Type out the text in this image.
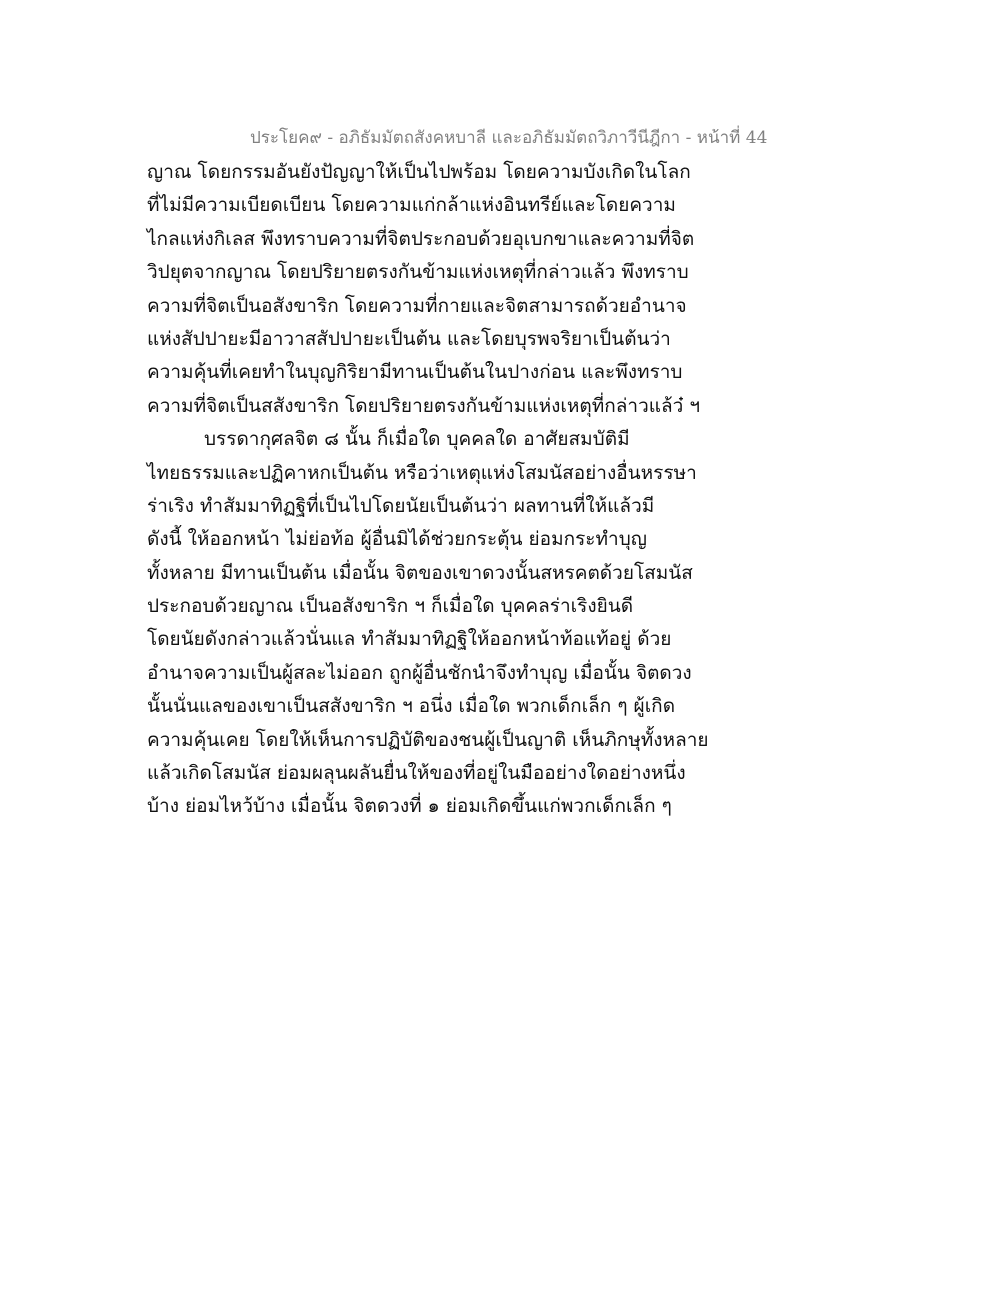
ประโยค๙ - อภิธัมมัตถสังคหบาลี และอภิธัมมัตถวิภาวีนีฎีกา - หน้าที่ 44
ญาณ โดยกรรมอันยังปัญญาให้เป็นไปพร้อม โดยความบังเกิดในโลก
ที่ไม่มีความเบียดเบียน โดยความแก่กล้าแห่งอินทรีย์และโดยความ
ไกลแห่งกิเลส พึงทราบความที่จิตประกอบด้วยอุเบกขาและความที่จิต
วิปยุตจากญาณ โดยปริยายตรงกันข้ามแห่งเหตุที่กล่าวแล้ว พึงทราบ
ความที่จิตเป็นอสังขาริก โดยความที่กายและจิตสามารถด้วยอำนาจ
แห่งสัปปายะมีอาวาสสัปปายะเป็นต้น และโดยบุรพจริยาเป็นต้นว่า
ความคุ้นที่เคยทำในบุญกิริยามีทานเป็นต้นในปางก่อน และพึงทราบ
ความที่จิตเป็นสสังขาริก โดยปริยายตรงกันข้ามแห่งเหตุที่กล่าวแล้ว๋ ฯ
บรรดากุศลจิต ๘ นั้น ก็เมื่อใด บุคคลใด อาศัยสมบัติมี
ไทยธรรมและปฏิคาหกเป็นต้น หรือว่าเหตุแห่งโสมนัสอย่างอื่นหรรษา
ร่าเริง ทำสัมมาทิฏฐิที่เป็นไปโดยนัยเป็นต้นว่า ผลทานที่ให้แล้วมี
ดังนี้ ให้ออกหน้า ไม่ย่อท้อ ผู้อื่นมิได้ช่วยกระตุ้น ย่อมกระทำบุญ
ทั้งหลาย มีทานเป็นต้น เมื่อนั้น จิตของเขาดวงนั้นสหรคตด้วยโสมนัส
ประกอบด้วยญาณ เป็นอสังขาริก ฯ ก็เมื่อใด บุคคลร่าเริงยินดี
โดยนัยดังกล่าวแล้วนั่นแล ทำสัมมาทิฏฐิให้ออกหน้าท้อแท้อยู่ ด้วย
อำนาจความเป็นผู้สละไม่ออก ถูกผู้อื่นชักนำจึงทำบุญ เมื่อนั้น จิตดวง
นั้นนั่นแลของเขาเป็นสสังขาริก ฯ อนึ่ง เมื่อใด พวกเด็กเล็ก ๆ ผู้เกิด
ความคุ้นเคย โดยให้เห็นการปฏิบัติของชนผู้เป็นญาติ เห็นภิกษุทั้งหลาย
แล้วเกิดโสมนัส ย่อมผลุนผลันยื่นให้ของที่อยู่ในมืออย่างใดอย่างหนึ่ง
บ้าง ย่อมไหว้บ้าง เมื่อนั้น จิตดวงที่ ๑ ย่อมเกิดขึ้นแก่พวกเด็กเล็ก ๆ
